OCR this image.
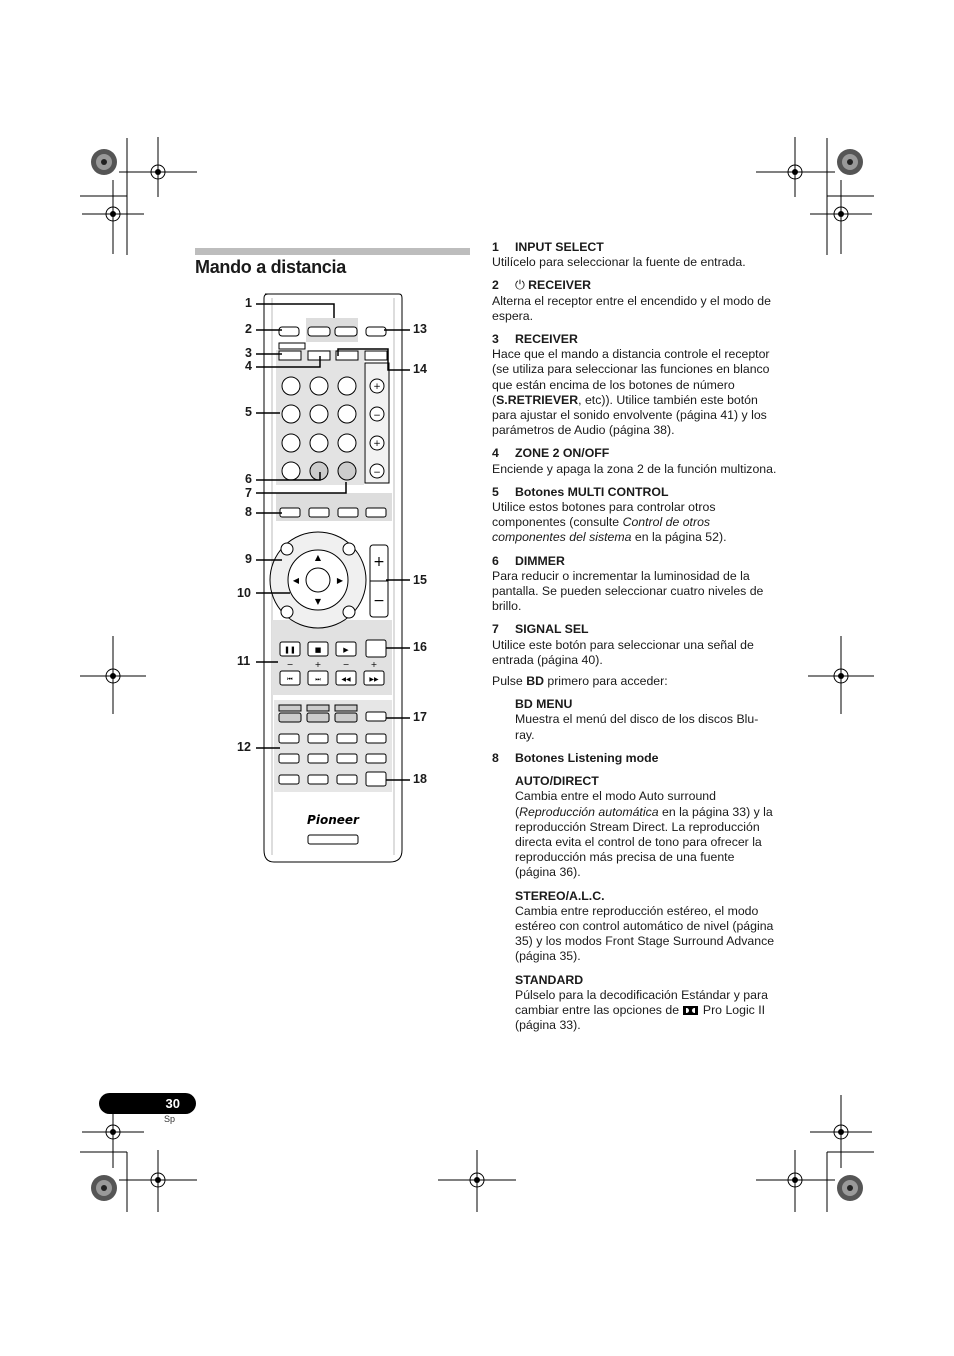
Mando a distancia
+
−
+
−
+
−
❚❚	■	▶
⏮	⏭	◀◀	▶▶
−	+	−	+
▲
▼
◀	▶
Pioneer
1
2
3
4
5
6
7
8
9
10
11
12
13
14
15
16
17
18
1 INPUT SELECT

Utilícelo para seleccionar la fuente de entrada.

2 ⏻ RECEIVER

Alterna el receptor entre el encendido y el modo de espera.

3 RECEIVER

Hace que el mando a distancia controle el receptor (se utiliza para seleccionar las funciones en blanco que están encima de los botones de número (S.RETRIEVER, etc)). Utilice también este botón para ajustar el sonido envolvente (página 41) y los parámetros de Audio (página 38).

4 ZONE 2 ON/OFF

Enciende y apaga la zona 2 de la función multizona.

5 Botones MULTI CONTROL

Utilice estos botones para controlar otros componentes (consulte Control de otros componentes del sistema en la página 52).

6 DIMMER

Para reducir o incrementar la luminosidad de la pantalla. Se pueden seleccionar cuatro niveles de brillo.

7 SIGNAL SEL

Utilice este botón para seleccionar una señal de entrada (página 40).

Pulse BD primero para acceder:

BD MENU

Muestra el menú del disco de los discos Blu-ray.

8 Botones Listening mode
AUTO/DIRECT

Cambia entre el modo Auto surround (Reproducción automática en la página 33) y la reproducción Stream Direct. La reproducción directa evita el control de tono para ofrecer la reproducción más precisa de una fuente (página 36).

STEREO/A.L.C.

Cambia entre reproducción estéreo, el modo estéreo con control automático de nivel (página 35) y los modos Front Stage Surround Advance (página 35).

STANDARD

Púlselo para la decodificación Estándar y para cambiar entre las opciones de
Pro Logic II (página 33).

30
Sp
